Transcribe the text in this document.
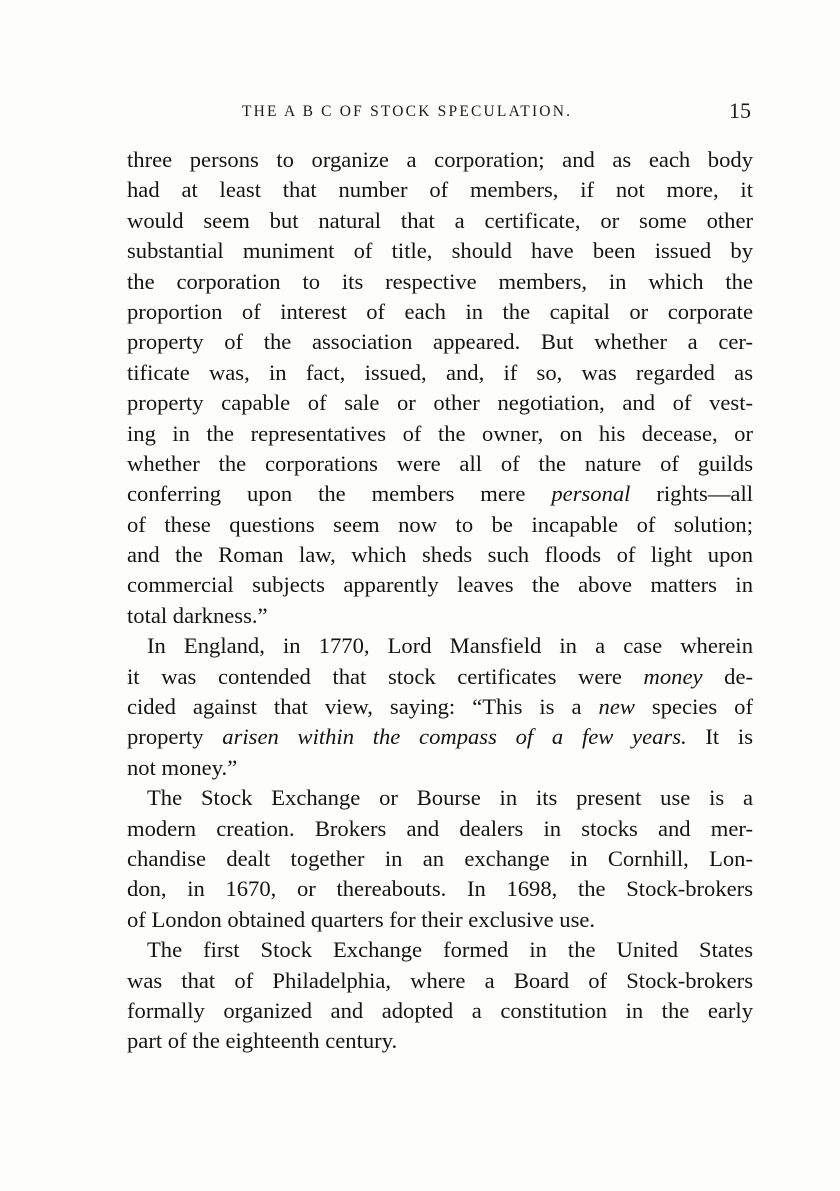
THE A B C OF STOCK SPECULATION.	15
three persons to organize a corporation; and as each body
had at least that number of members, if not more, it
would seem but natural that a certificate, or some other
substantial muniment of title, should have been issued by
the corporation to its respective members, in which the
proportion of interest of each in the capital or corporate
property of the association appeared. But whether a cer-
tificate was, in fact, issued, and, if so, was regarded as
property capable of sale or other negotiation, and of vest-
ing in the representatives of the owner, on his decease, or
whether the corporations were all of the nature of guilds
conferring upon the members mere personal rights—all
of these questions seem now to be incapable of solution;
and the Roman law, which sheds such floods of light upon
commercial subjects apparently leaves the above matters in
total darkness.”
In England, in 1770, Lord Mansfield in a case wherein
it was contended that stock certificates were money de-
cided against that view, saying: “This is a new species of
property arisen within the compass of a few years. It is
not money.”
The Stock Exchange or Bourse in its present use is a
modern creation. Brokers and dealers in stocks and mer-
chandise dealt together in an exchange in Cornhill, Lon-
don, in 1670, or thereabouts. In 1698, the Stock-brokers
of London obtained quarters for their exclusive use.
The first Stock Exchange formed in the United States
was that of Philadelphia, where a Board of Stock-brokers
formally organized and adopted a constitution in the early
part of the eighteenth century.
